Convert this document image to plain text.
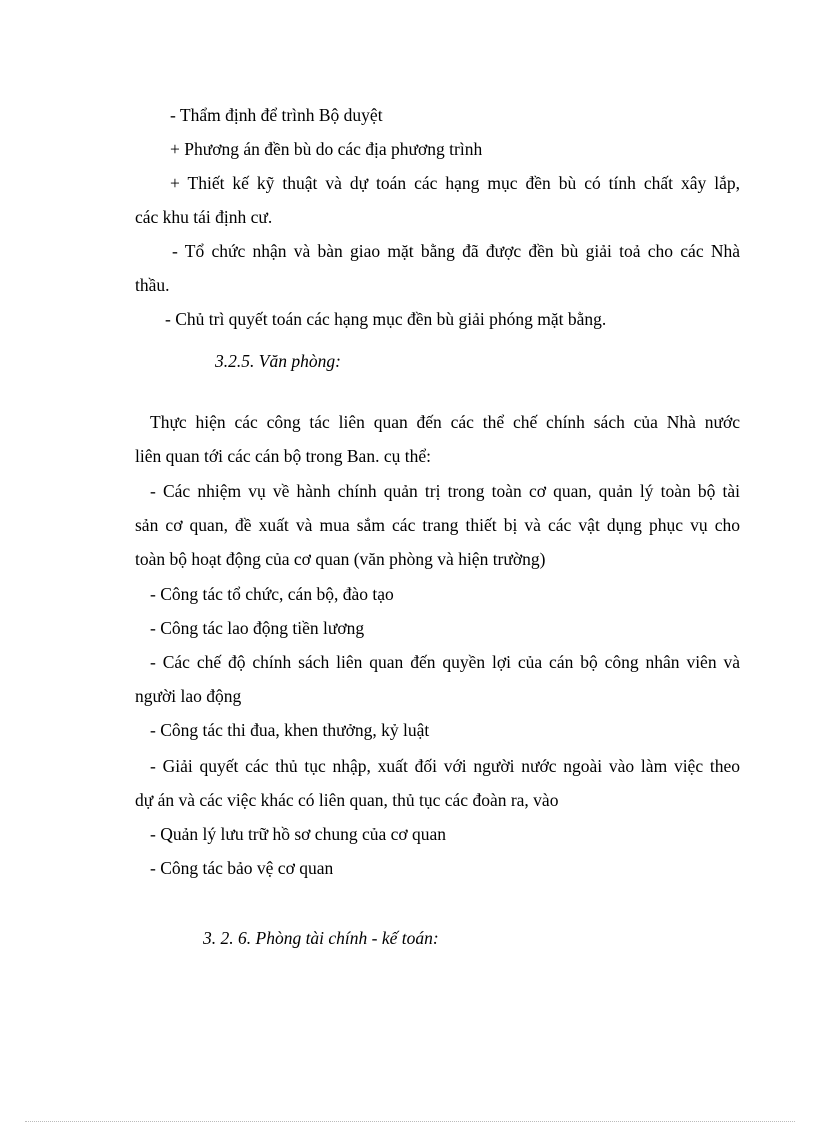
- Thẩm định để trình Bộ duyệt
+ Phương án đền bù do các địa phương trình
+ Thiết kế kỹ thuật và dự toán các hạng mục đền bù có tính chất xây lắp,
các khu tái định cư.
- Tổ chức nhận và bàn giao mặt bằng đã được đền bù giải toả cho các Nhà
thầu.
- Chủ trì quyết toán các hạng mục đền bù giải phóng mặt bằng.
3.2.5. Văn phòng:
Thực hiện các công tác liên quan đến các thể chế chính sách của Nhà nước
liên quan tới các cán bộ trong Ban. cụ thể:
- Các nhiệm vụ về hành chính quản trị trong toàn cơ quan, quản lý toàn bộ tài
sản cơ quan, đề xuất và mua sắm các trang thiết bị và các vật dụng phục vụ cho
toàn bộ hoạt động của cơ quan (văn phòng và hiện trường)
- Công tác tổ chức, cán bộ, đào tạo
- Công tác lao động tiền lương
- Các chế độ chính sách liên quan đến quyền lợi của cán bộ công nhân viên và
người lao động
- Công tác thi đua, khen thưởng, kỷ luật
- Giải quyết các thủ tục nhập, xuất đối với người nước ngoài vào làm việc theo
dự án và các việc khác có liên quan, thủ tục các đoàn ra, vào
- Quản lý lưu trữ hồ sơ chung của cơ quan
- Công tác bảo vệ cơ quan
3. 2. 6. Phòng tài chính - kế toán:
